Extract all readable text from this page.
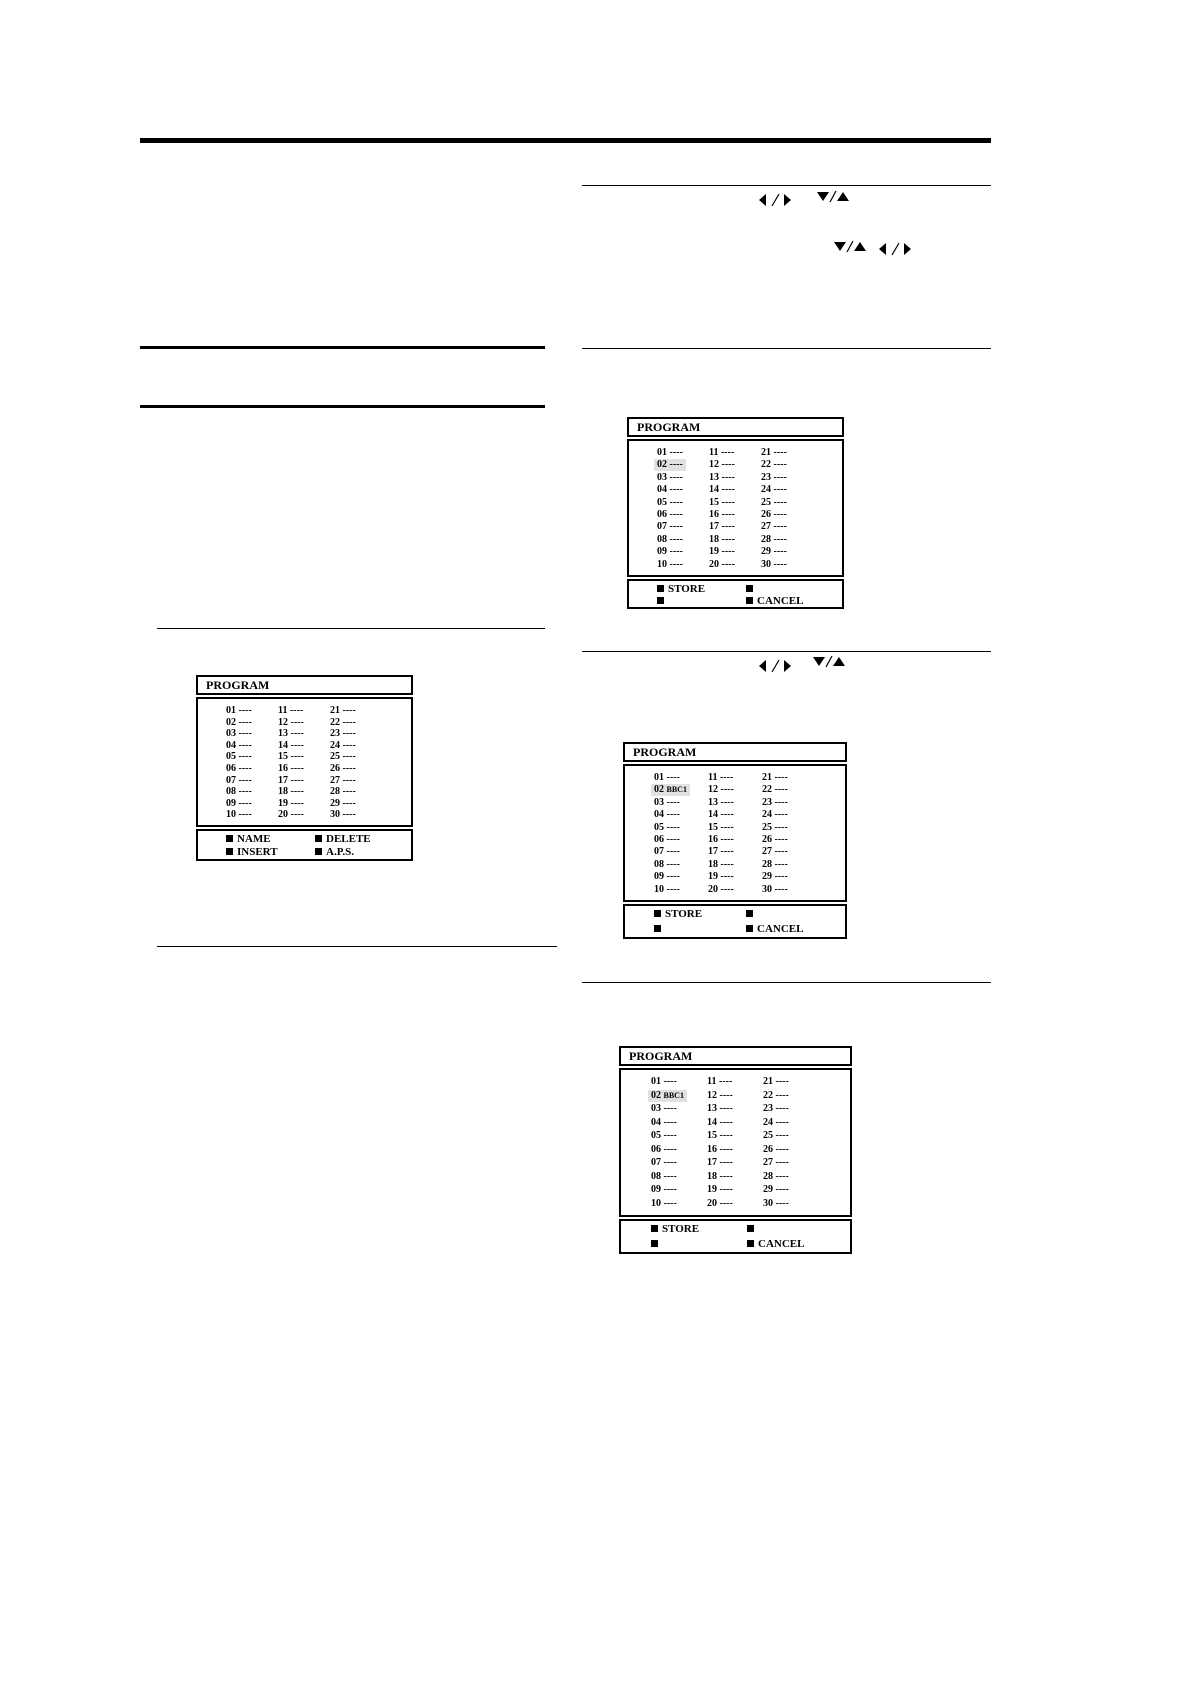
PROGRAM
01 ----
02 ----
03 ----
04 ----
05 ----
06 ----
07 ----
08 ----
09 ----
10 ----
11 ----
12 ----
13 ----
14 ----
15 ----
16 ----
17 ----
18 ----
19 ----
20 ----
21 ----
22 ----
23 ----
24 ----
25 ----
26 ----
27 ----
28 ----
29 ----
30 ----
NAME
INSERT
DELETE
A.P.S.
PROGRAM
01 ----
02 ----
03 ----
04 ----
05 ----
06 ----
07 ----
08 ----
09 ----
10 ----
11 ----
12 ----
13 ----
14 ----
15 ----
16 ----
17 ----
18 ----
19 ----
20 ----
21 ----
22 ----
23 ----
24 ----
25 ----
26 ----
27 ----
28 ----
29 ----
30 ----
STORE
CANCEL
PROGRAM
01 ----
02 BBC1
03 ----
04 ----
05 ----
06 ----
07 ----
08 ----
09 ----
10 ----
11 ----
12 ----
13 ----
14 ----
15 ----
16 ----
17 ----
18 ----
19 ----
20 ----
21 ----
22 ----
23 ----
24 ----
25 ----
26 ----
27 ----
28 ----
29 ----
30 ----
STORE
CANCEL
PROGRAM
01 ----
02 BBC1
03 ----
04 ----
05 ----
06 ----
07 ----
08 ----
09 ----
10 ----
11 ----
12 ----
13 ----
14 ----
15 ----
16 ----
17 ----
18 ----
19 ----
20 ----
21 ----
22 ----
23 ----
24 ----
25 ----
26 ----
27 ----
28 ----
29 ----
30 ----
STORE
CANCEL
